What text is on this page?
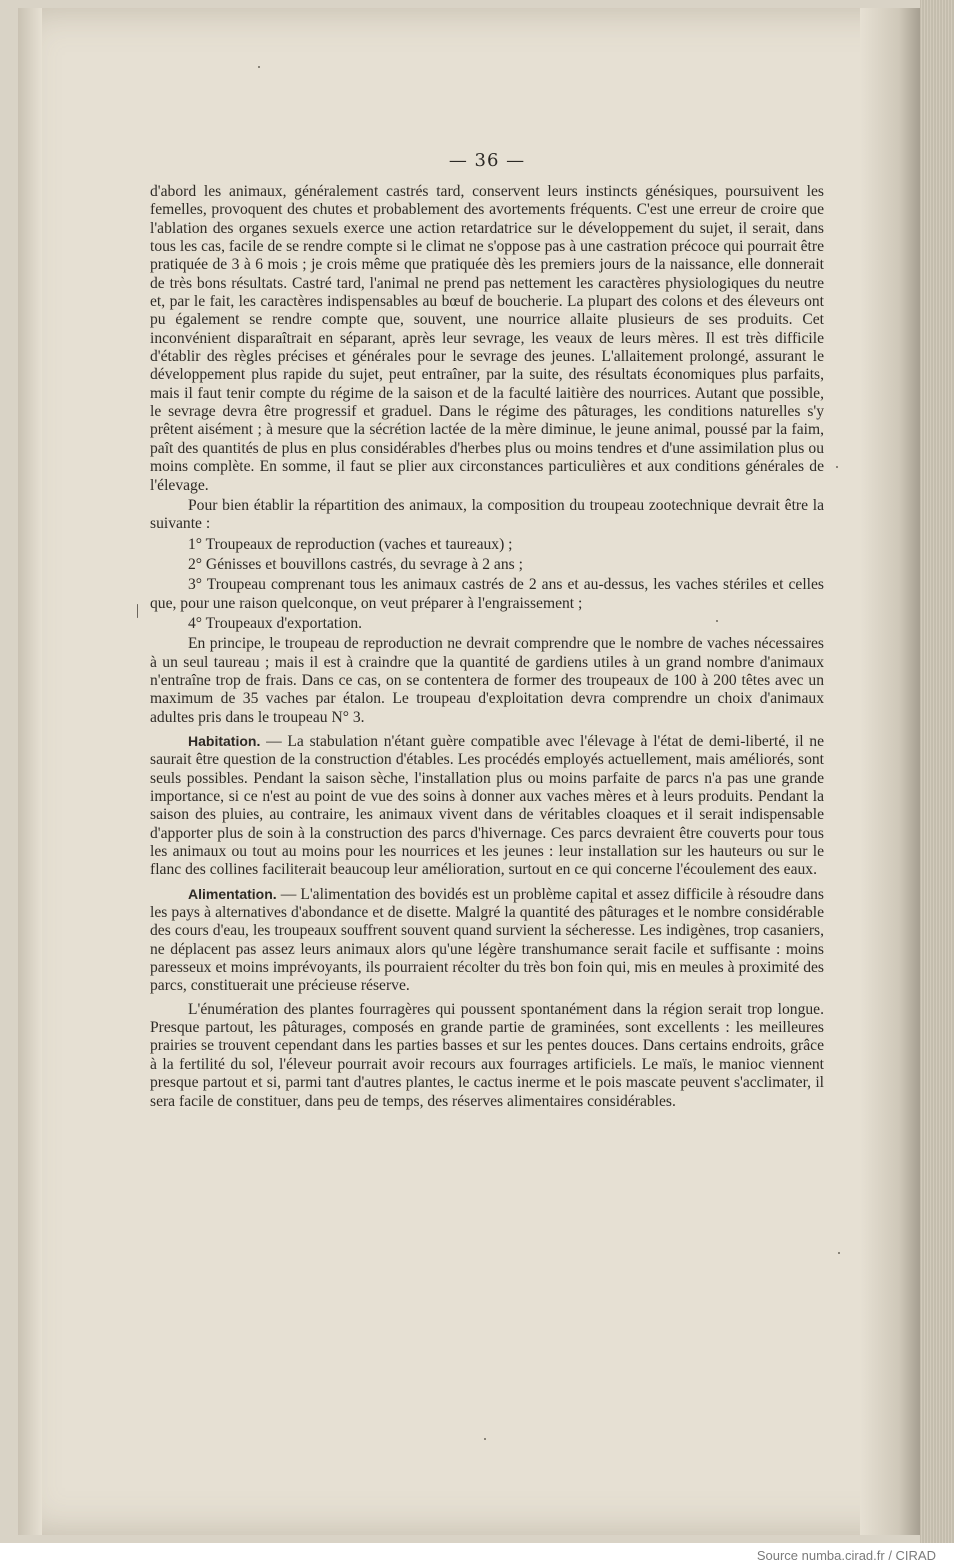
— 36 —

d'abord les animaux, généralement castrés tard, conservent leurs instincts génésiques, poursuivent les femelles, provoquent des chutes et probablement des avortements fréquents. C'est une erreur de croire que l'ablation des organes sexuels exerce une action retardatrice sur le développement du sujet, il serait, dans tous les cas, facile de se rendre compte si le climat ne s'oppose pas à une castration précoce qui pourrait être pratiquée de 3 à 6 mois ; je crois même que pratiquée dès les premiers jours de la naissance, elle donnerait de très bons résultats. Castré tard, l'animal ne prend pas nettement les caractères physiologiques du neutre et, par le fait, les caractères indispensables au bœuf de boucherie. La plupart des colons et des éleveurs ont pu également se rendre compte que, souvent, une nourrice allaite plusieurs de ses produits. Cet inconvénient disparaîtrait en séparant, après leur sevrage, les veaux de leurs mères. Il est très difficile d'établir des règles précises et générales pour le sevrage des jeunes. L'allaitement prolongé, assurant le développement plus rapide du sujet, peut entraîner, par la suite, des résultats économiques plus parfaits, mais il faut tenir compte du régime de la saison et de la faculté laitière des nourrices. Autant que possible, le sevrage devra être progressif et graduel. Dans le régime des pâturages, les conditions naturelles s'y prêtent aisément ; à mesure que la sécrétion lactée de la mère diminue, le jeune animal, poussé par la faim, paît des quantités de plus en plus considérables d'herbes plus ou moins tendres et d'une assimilation plus ou moins complète. En somme, il faut se plier aux circonstances particulières et aux conditions générales de l'élevage.

Pour bien établir la répartition des animaux, la composition du troupeau zootechnique devrait être la suivante :

1° Troupeaux de reproduction (vaches et taureaux) ;

2° Génisses et bouvillons castrés, du sevrage à 2 ans ;

3° Troupeau comprenant tous les animaux castrés de 2 ans et au-dessus, les vaches stériles et celles que, pour une raison quelconque, on veut préparer à l'engraissement ;

4° Troupeaux d'exportation.

En principe, le troupeau de reproduction ne devrait comprendre que le nombre de vaches nécessaires à un seul taureau ; mais il est à craindre que la quantité de gardiens utiles à un grand nombre d'animaux n'entraîne trop de frais. Dans ce cas, on se contentera de former des troupeaux de 100 à 200 têtes avec un maximum de 35 vaches par étalon. Le troupeau d'exploitation devra comprendre un choix d'animaux adultes pris dans le troupeau N° 3.

Habitation. — La stabulation n'étant guère compatible avec l'élevage à l'état de demi-liberté, il ne saurait être question de la construction d'étables. Les procédés employés actuellement, mais améliorés, sont seuls possibles. Pendant la saison sèche, l'installation plus ou moins parfaite de parcs n'a pas une grande importance, si ce n'est au point de vue des soins à donner aux vaches mères et à leurs produits. Pendant la saison des pluies, au contraire, les animaux vivent dans de véritables cloaques et il serait indispensable d'apporter plus de soin à la construction des parcs d'hivernage. Ces parcs devraient être couverts pour tous les animaux ou tout au moins pour les nourrices et les jeunes : leur installation sur les hauteurs ou sur le flanc des collines faciliterait beaucoup leur amélioration, surtout en ce qui concerne l'écoulement des eaux.

Alimentation. — L'alimentation des bovidés est un problème capital et assez difficile à résoudre dans les pays à alternatives d'abondance et de disette. Malgré la quantité des pâturages et le nombre considérable des cours d'eau, les troupeaux souffrent souvent quand survient la sécheresse. Les indigènes, trop casaniers, ne déplacent pas assez leurs animaux alors qu'une légère transhumance serait facile et suffisante : moins paresseux et moins imprévoyants, ils pourraient récolter du très bon foin qui, mis en meules à proximité des parcs, constituerait une précieuse réserve.

L'énumération des plantes fourragères qui poussent spontanément dans la région serait trop longue. Presque partout, les pâturages, composés en grande partie de graminées, sont excellents : les meilleures prairies se trouvent cependant dans les parties basses et sur les pentes douces. Dans certains endroits, grâce à la fertilité du sol, l'éleveur pourrait avoir recours aux fourrages artificiels. Le maïs, le manioc viennent presque partout et si, parmi tant d'autres plantes, le cactus inerme et le pois mascate peuvent s'acclimater, il sera facile de constituer, dans peu de temps, des réserves alimentaires considérables.

Source numba.cirad.fr / CIRAD
